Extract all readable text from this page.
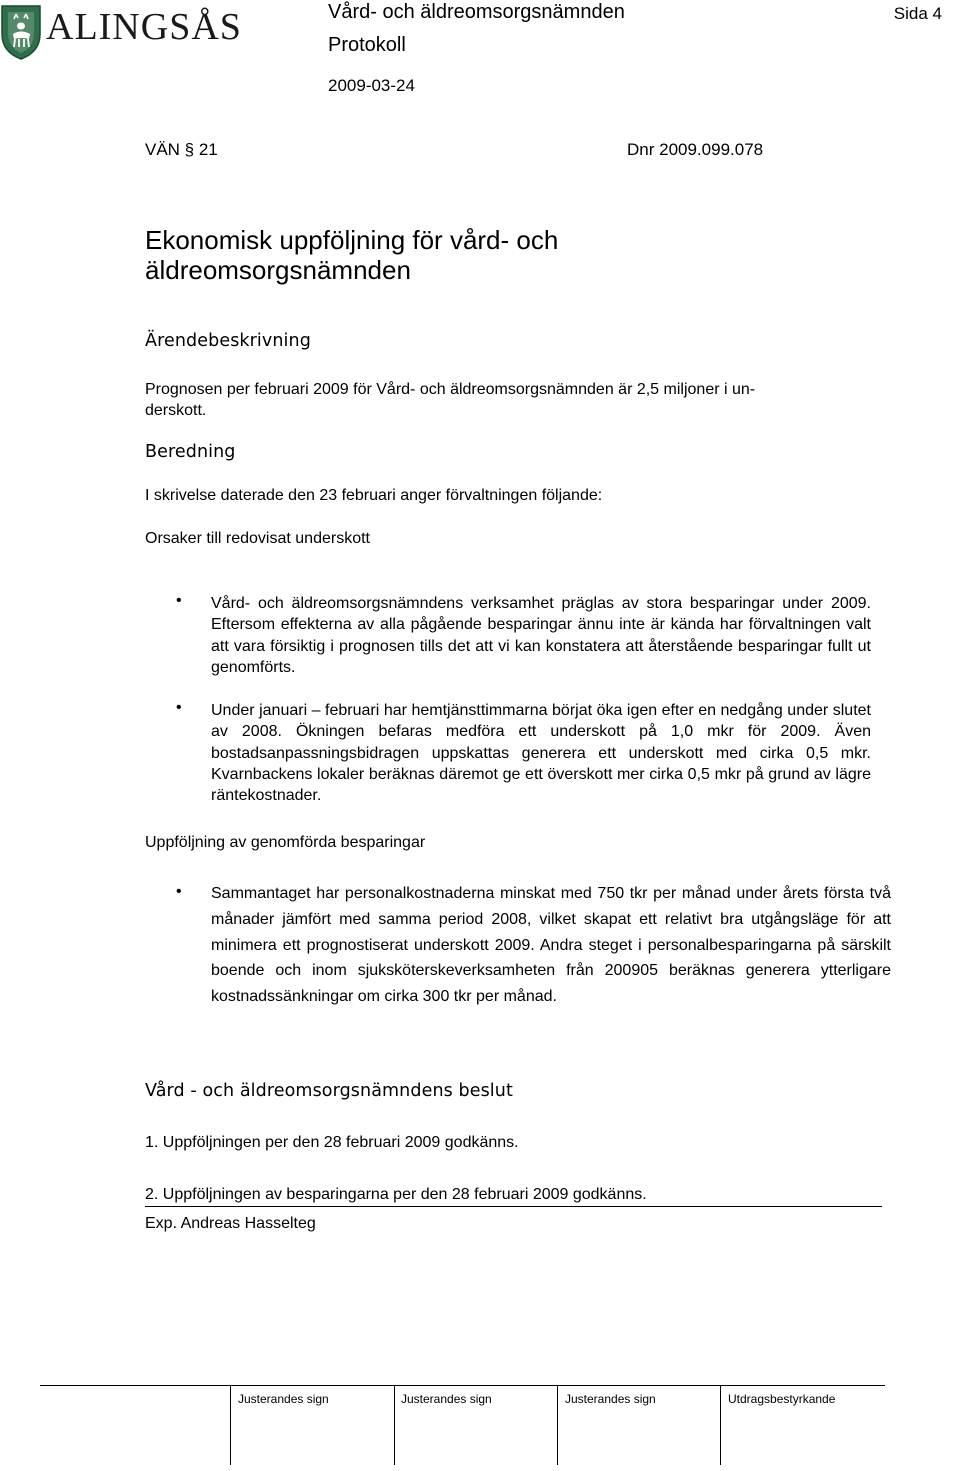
ALINGSÅS	Vård- och äldreomsorgsnämnden
Protokoll
2009-03-24
Sida 4
VÄN § 21	Dnr 2009.099.078
Ekonomisk uppföljning för vård- och äldreomsorgsnämnden
Ärendebeskrivning
Prognosen per februari 2009 för Vård- och äldreomsorgsnämnden är 2,5 miljoner i un-
derskott.
Beredning
I skrivelse daterade den 23 februari anger förvaltningen följande:
Orsaker till redovisat underskott
• Vård- och äldreomsorgsnämndens verksamhet präglas av stora besparingar under 2009. Eftersom effekterna av alla pågående besparingar ännu inte är kända har förvaltningen valt att vara försiktig i prognosen tills det att vi kan konstatera att återstående besparingar fullt ut genomförts.
• Under januari – februari har hemtjänsttimmarna börjat öka igen efter en nedgång under slutet av 2008. Ökningen befaras medföra ett underskott på 1,0 mkr för 2009. Även bostadsanpassningsbidragen uppskattas generera ett underskott med cirka 0,5 mkr. Kvarnbackens lokaler beräknas däremot ge ett överskott mer cirka 0,5 mkr på grund av lägre räntekostnader.
Uppföljning av genomförda besparingar
• Sammantaget har personalkostnaderna minskat med 750 tkr per månad under årets första två månader jämfört med samma period 2008, vilket skapat ett relativt bra utgångsläge för att minimera ett prognostiserat underskott 2009. Andra steget i personalbesparingarna på särskilt boende och inom sjuksköterskeverksamheten från 200905 beräknas generera ytterligare kostnadssänkningar om cirka 300 tkr per månad.
Vård - och äldreomsorgsnämndens beslut
1. Uppföljningen per den 28 februari 2009 godkänns.
2. Uppföljningen av besparingarna per den 28 februari 2009 godkänns.
Exp. Andreas Hasselteg
Justerandes sign	Justerandes sign	Justerandes sign	Utdragsbestyrkande
